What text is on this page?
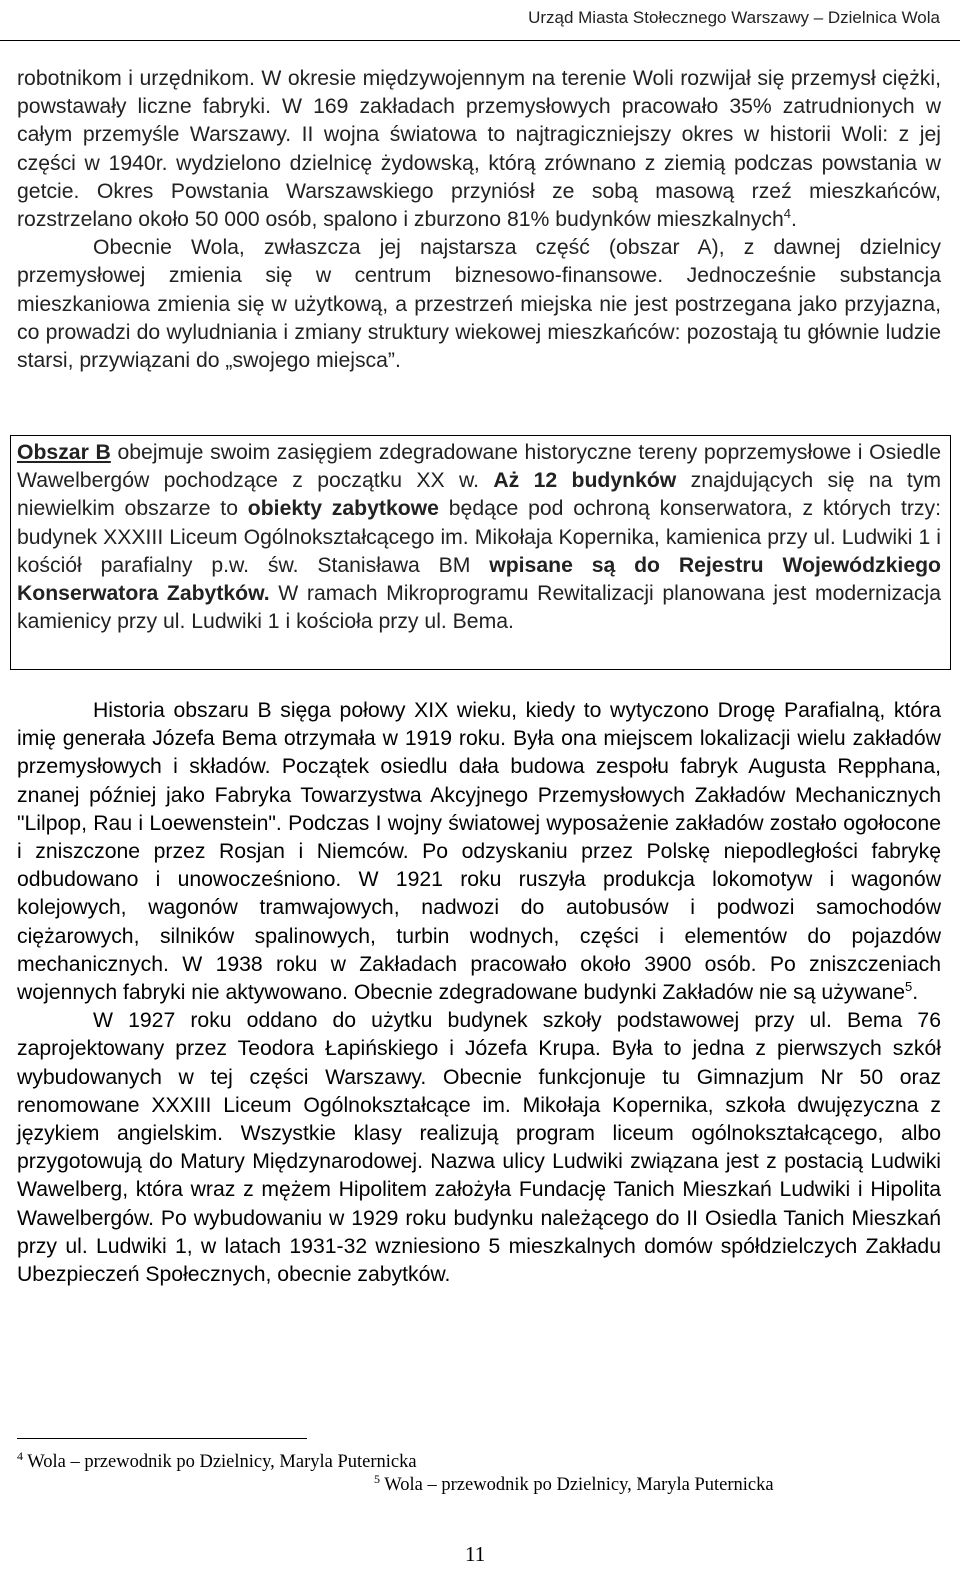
Urząd Miasta Stołecznego Warszawy – Dzielnica Wola

robotnikom i urzędnikom. W okresie międzywojennym na terenie Woli rozwijał się przemysł ciężki, powstawały liczne fabryki. W 169 zakładach przemysłowych pracowało 35% zatrudnionych w całym przemyśle Warszawy. II wojna światowa to najtragiczniejszy okres w historii Woli: z jej części w 1940r. wydzielono dzielnicę żydowską, którą zrównano z ziemią podczas powstania w getcie. Okres Powstania Warszawskiego przyniósł ze sobą masową rzeź mieszkańców, rozstrzelano około 50 000 osób, spalono i zburzono 81% budynków mieszkalnych$^4$.
Obecnie Wola, zwłaszcza jej najstarsza część (obszar A), z dawnej dzielnicy przemysłowej zmienia się w centrum biznesowo-finansowe. Jednocześnie substancja mieszkaniowa zmienia się w użytkową, a przestrzeń miejska nie jest postrzegana jako przyjazna, co prowadzi do wyludniania i zmiany struktury wiekowej mieszkańców: pozostają tu głównie ludzie starsi, przywiązani do „swojego miejsca”.

Obszar B obejmuje swoim zasięgiem zdegradowane historyczne tereny poprzemysłowe i Osiedle Wawelbergów pochodzące z początku XX w. Aż 12 budynków znajdujących się na tym niewielkim obszarze to obiekty zabytkowe będące pod ochroną konserwatora, z których trzy: budynek XXXIII Liceum Ogólnokształcącego im. Mikołaja Kopernika, kamienica przy ul. Ludwiki 1 i kościół parafialny p.w. św. Stanisława BM wpisane są do Rejestru Wojewódzkiego Konserwatora Zabytków. W ramach Mikroprogramu Rewitalizacji planowana jest modernizacja kamienicy przy ul. Ludwiki 1 i kościoła przy ul. Bema.

Historia obszaru B sięga połowy XIX wieku, kiedy to wytyczono Drogę Parafialną, która imię generała Józefa Bema otrzymała w 1919 roku. Była ona miejscem lokalizacji wielu zakładów przemysłowych i składów. Początek osiedlu dała budowa zespołu fabryk Augusta Repphana, znanej później jako Fabryka Towarzystwa Akcyjnego Przemysłowych Zakładów Mechanicznych "Lilpop, Rau i Loewenstein". Podczas I wojny światowej wyposażenie zakładów zostało ogołocone i zniszczone przez Rosjan i Niemców. Po odzyskaniu przez Polskę niepodległości fabrykę odbudowano i unowocześniono. W 1921 roku ruszyła produkcja lokomotyw i wagonów kolejowych, wagonów tramwajowych, nadwozi do autobusów i podwozi samochodów ciężarowych, silników spalinowych, turbin wodnych, części i elementów do pojazdów mechanicznych. W 1938 roku w Zakładach pracowało około 3900 osób. Po zniszczeniach wojennych fabryki nie aktywowano. Obecnie zdegradowane budynki Zakładów nie są używane$^5$.
W 1927 roku oddano do użytku budynek szkoły podstawowej przy ul. Bema 76 zaprojektowany przez Teodora Łapińskiego i Józefa Krupa. Była to jedna z pierwszych szkół wybudowanych w tej części Warszawy. Obecnie funkcjonuje tu Gimnazjum Nr 50 oraz renomowane XXXIII Liceum Ogólnokształcące im. Mikołaja Kopernika, szkoła dwujęzyczna z językiem angielskim. Wszystkie klasy realizują program liceum ogólnokształcącego, albo przygotowują do Matury Międzynarodowej. Nazwa ulicy Ludwiki związana jest z postacią Ludwiki Wawelberg, która wraz z mężem Hipolitem założyła Fundację Tanich Mieszkań Ludwiki i Hipolita Wawelbergów. Po wybudowaniu w 1929 roku budynku należącego do II Osiedla Tanich Mieszkań przy ul. Ludwiki 1, w latach 1931-32 wzniesiono 5 mieszkalnych domów spółdzielczych Zakładu Ubezpieczeń Społecznych, obecnie zabytków.

$^4$ Wola – przewodnik po Dzielnicy, Maryla Puternicka
$^5$ Wola – przewodnik po Dzielnicy, Maryla Puternicka
11
